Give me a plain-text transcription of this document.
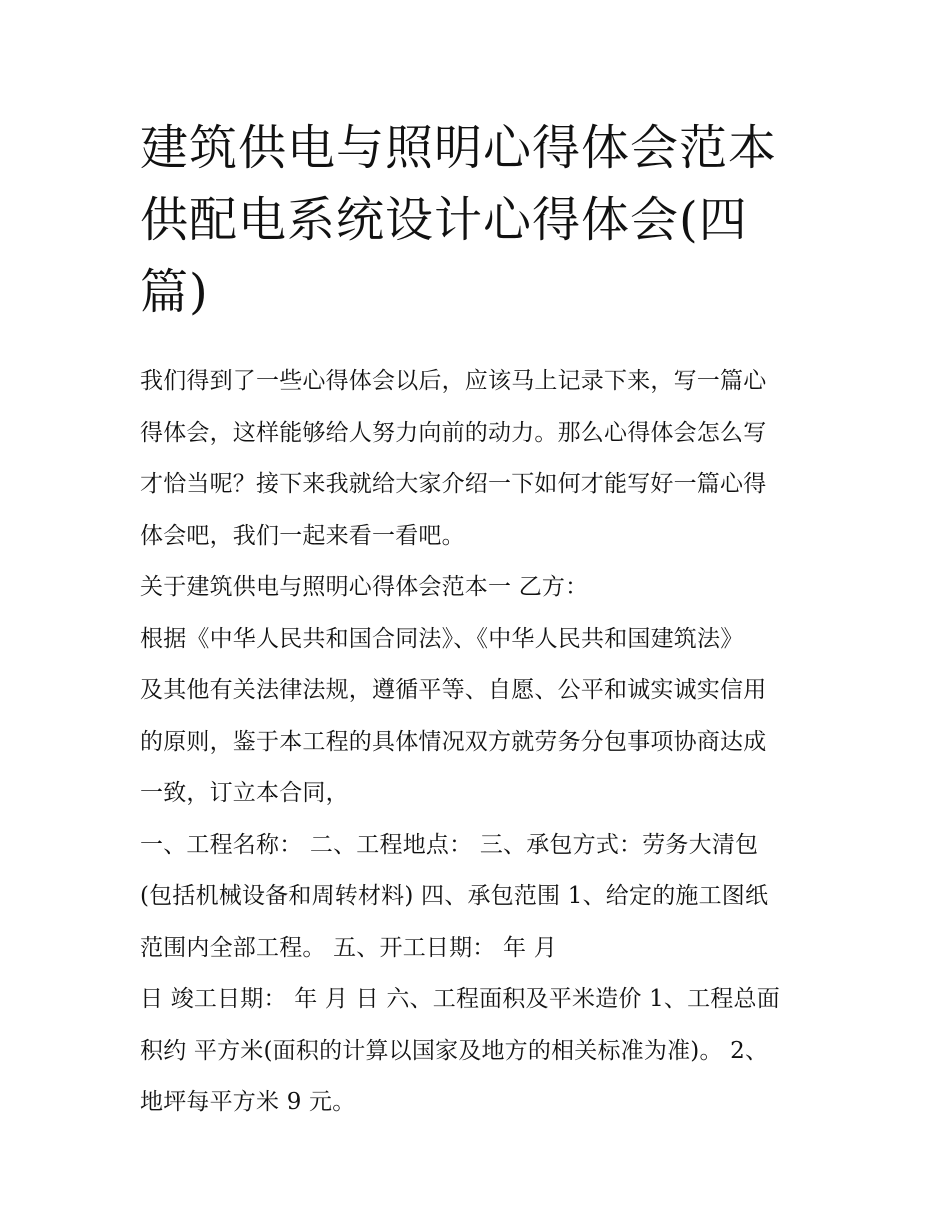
建筑供电与照明心得体会范本
供配电系统设计心得体会(四
篇)
我们得到了一些心得体会以后，应该马上记录下来，写一篇心
得体会，这样能够给人努力向前的动力。那么心得体会怎么写
才恰当呢？接下来我就给大家介绍一下如何才能写好一篇心得
体会吧，我们一起来看一看吧。
关于建筑供电与照明心得体会范本一 乙方：
根据《中华人民共和国合同法》、《中华人民共和国建筑法》
及其他有关法律法规，遵循平等、自愿、公平和诚实诚实信用
的原则，鉴于本工程的具体情况双方就劳务分包事项协商达成
一致，订立本合同，
一、工程名称： 二、工程地点： 三、承包方式：劳务大清包
(包括机械设备和周转材料) 四、承包范围 1、给定的施工图纸
范围内全部工程。 五、开工日期： 年 月
日 竣工日期： 年 月 日 六、工程面积及平米造价 1、工程总面
积约 平方米(面积的计算以国家及地方的相关标准为准)。 2、
地坪每平方米 9 元。
